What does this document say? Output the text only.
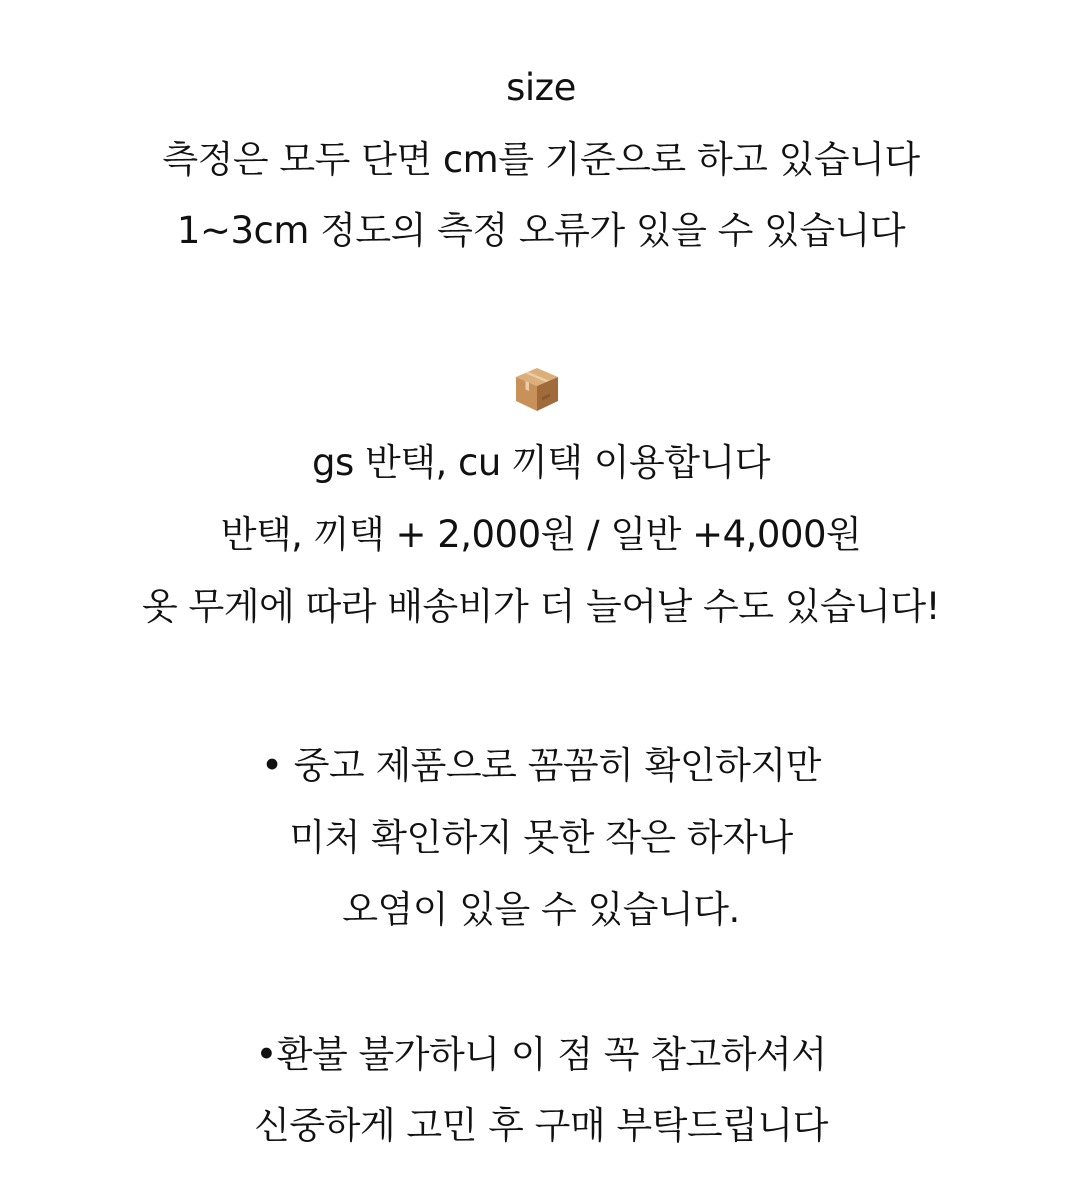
size
측정은 모두 단면 cm를 기준으로 하고 있습니다
1~3cm 정도의 측정 오류가 있을 수 있습니다
gs 반택, cu 끼택 이용합니다
반택, 끼택 + 2,000원 / 일반 +4,000원
옷 무게에 따라 배송비가 더 늘어날 수도 있습니다!
• 중고 제품으로 꼼꼼히 확인하지만
미처 확인하지 못한 작은 하자나
오염이 있을 수 있습니다.
•환불 불가하니 이 점 꼭 참고하셔서
신중하게 고민 후 구매 부탁드립니다
